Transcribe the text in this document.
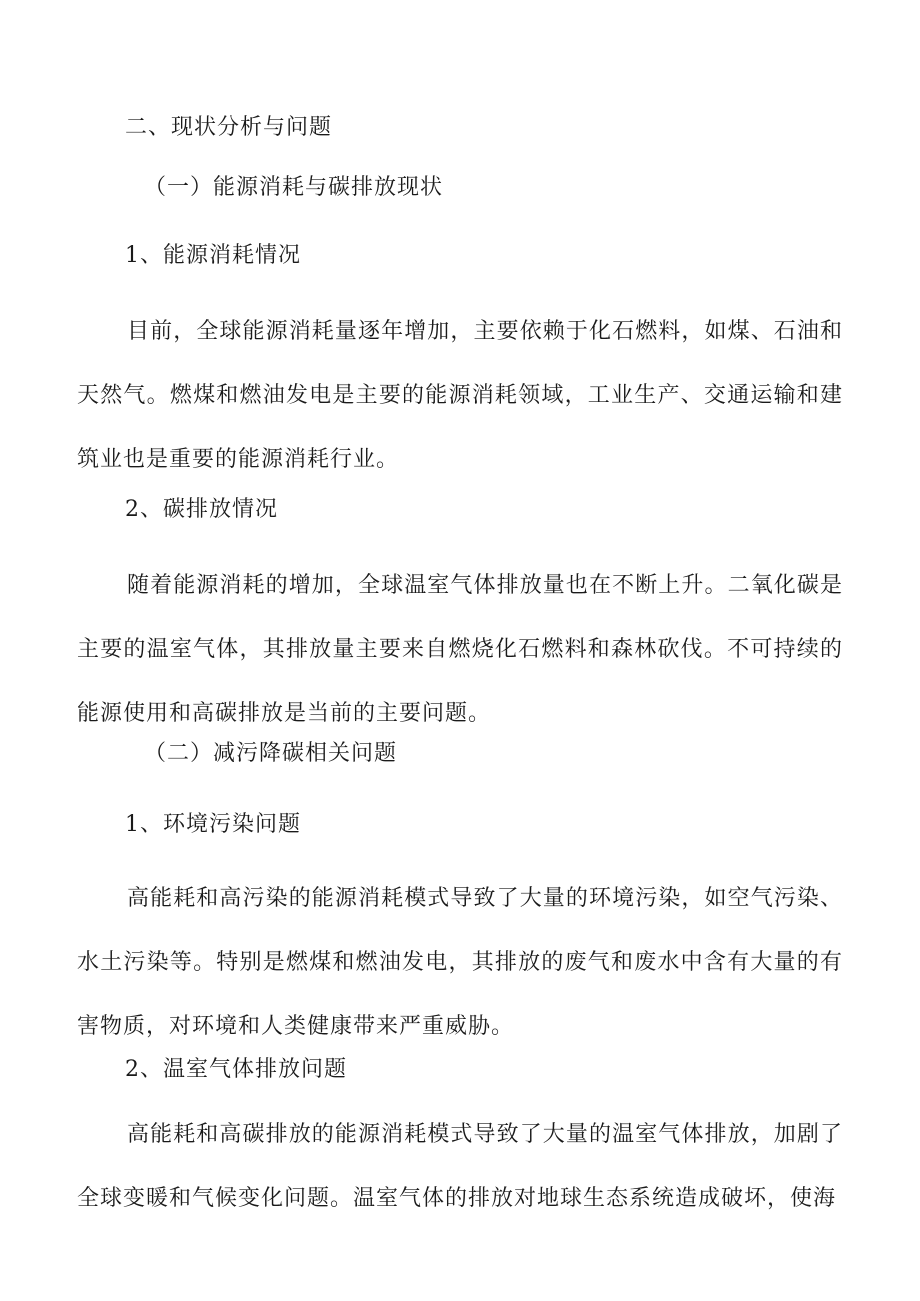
二、现状分析与问题
（一）能源消耗与碳排放现状
1、能源消耗情况
目前，全球能源消耗量逐年增加，主要依赖于化石燃料，如煤、石油和天然气。燃煤和燃油发电是主要的能源消耗领域，工业生产、交通运输和建筑业也是重要的能源消耗行业。
2、碳排放情况
随着能源消耗的增加，全球温室气体排放量也在不断上升。二氧化碳是主要的温室气体，其排放量主要来自燃烧化石燃料和森林砍伐。不可持续的能源使用和高碳排放是当前的主要问题。
（二）减污降碳相关问题
1、环境污染问题
高能耗和高污染的能源消耗模式导致了大量的环境污染，如空气污染、水土污染等。特别是燃煤和燃油发电，其排放的废气和废水中含有大量的有害物质，对环境和人类健康带来严重威胁。
2、温室气体排放问题
高能耗和高碳排放的能源消耗模式导致了大量的温室气体排放，加剧了全球变暖和气候变化问题。温室气体的排放对地球生态系统造成破坏，使海
